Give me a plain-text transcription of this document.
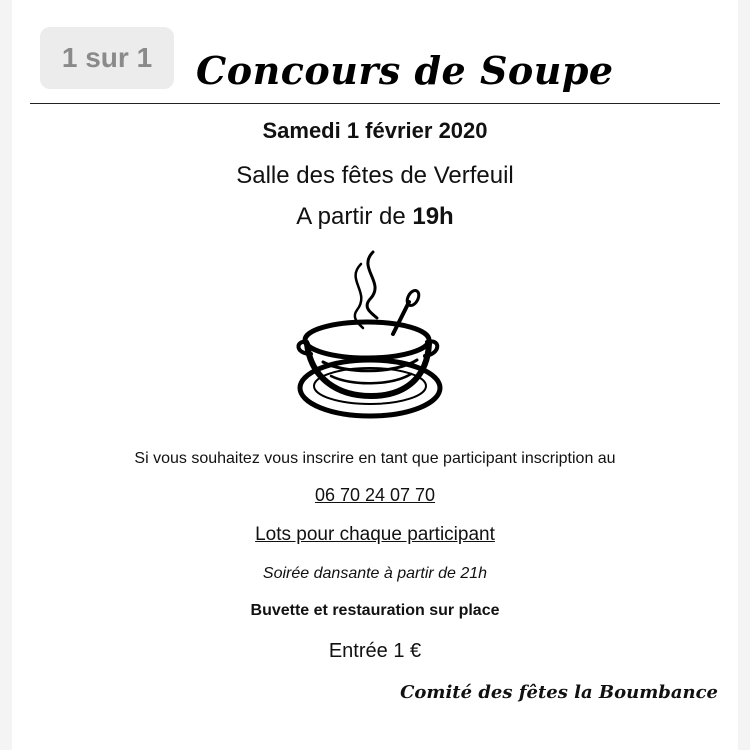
1 sur 1	Concours de Soupe
Samedi 1 février 2020
Salle des fêtes de Verfeuil
A partir de 19h
Si vous souhaitez vous inscrire en tant que participant inscription au
06 70 24 07 70
Lots pour chaque participant
Soirée dansante à partir de 21h
Buvette et restauration sur place
Entrée 1 €
Comité des fêtes la Boumbance
